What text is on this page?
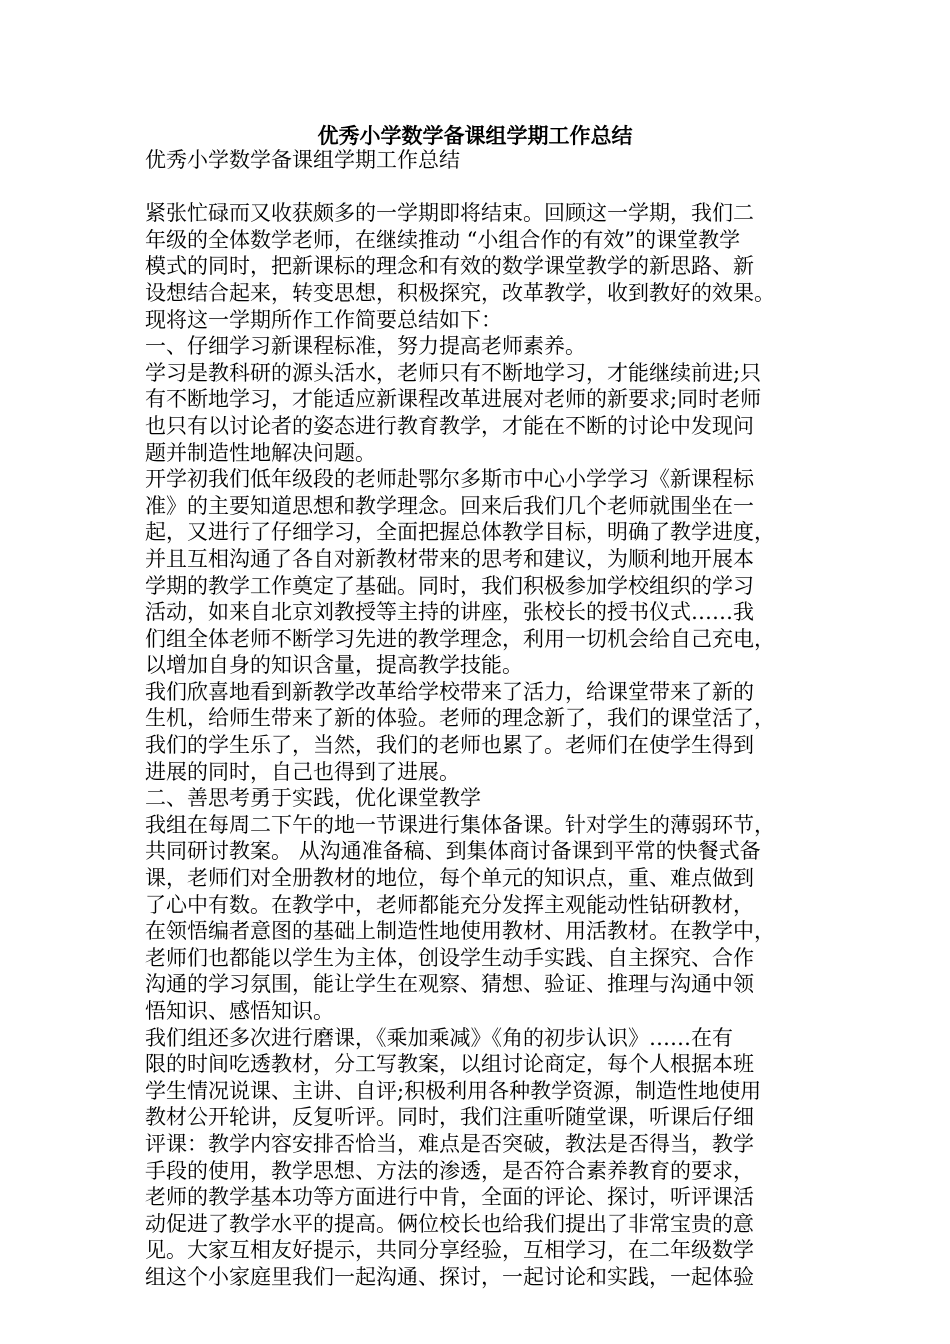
优秀小学数学备课组学期工作总结
优秀小学数学备课组学期工作总结
紧张忙碌而又收获颇多的一学期即将结束。回顾这一学期，我们二
年级的全体数学老师，在继续推动 “小组合作的有效”的课堂教学
模式的同时，把新课标的理念和有效的数学课堂教学的新思路、新
设想结合起来，转变思想，积极探究，改革教学，收到教好的效果。
现将这一学期所作工作简要总结如下：
一、仔细学习新课程标准，努力提高老师素养。
学习是教科研的源头活水，老师只有不断地学习，才能继续前进;只
有不断地学习，才能适应新课程改革进展对老师的新要求;同时老师
也只有以讨论者的姿态进行教育教学，才能在不断的讨论中发现问
题并制造性地解决问题。
开学初我们低年级段的老师赴鄂尔多斯市中心小学学习《新课程标
准》的主要知道思想和教学理念。回来后我们几个老师就围坐在一
起，又进行了仔细学习，全面把握总体教学目标，明确了教学进度，
并且互相沟通了各自对新教材带来的思考和建议，为顺利地开展本
学期的教学工作奠定了基础。同时，我们积极参加学校组织的学习
活动，如来自北京刘教授等主持的讲座，张校长的授书仪式……我
们组全体老师不断学习先进的教学理念，利用一切机会给自己充电，
以增加自身的知识含量，提高教学技能。
我们欣喜地看到新教学改革给学校带来了活力，给课堂带来了新的
生机，给师生带来了新的体验。老师的理念新了，我们的课堂活了，
我们的学生乐了，当然，我们的老师也累了。老师们在使学生得到
进展的同时，自己也得到了进展。
二、善思考勇于实践，优化课堂教学
我组在每周二下午的地一节课进行集体备课。针对学生的薄弱环节，
共同研讨教案。 从沟通准备稿、到集体商讨备课到平常的快餐式备
课，老师们对全册教材的地位，每个单元的知识点，重、难点做到
了心中有数。在教学中，老师都能充分发挥主观能动性钻研教材，
在领悟编者意图的基础上制造性地使用教材、用活教材。在教学中，
老师们也都能以学生为主体，创设学生动手实践、自主探究、合作
沟通的学习氛围，能让学生在观察、猜想、验证、推理与沟通中领
悟知识、感悟知识。
我们组还多次进行磨课，《乘加乘减》《角的初步认识》……在有
限的时间吃透教材，分工写教案，以组讨论商定，每个人根据本班
学生情况说课、主讲、自评;积极利用各种教学资源，制造性地使用
教材公开轮讲，反复听评。同时，我们注重听随堂课，听课后仔细
评课：教学内容安排否恰当，难点是否突破，教法是否得当，教学
手段的使用，教学思想、方法的渗透，是否符合素养教育的要求，
老师的教学基本功等方面进行中肯，全面的评论、探讨，听评课活
动促进了教学水平的提高。俩位校长也给我们提出了非常宝贵的意
见。大家互相友好提示，共同分享经验，互相学习，在二年级数学
组这个小家庭里我们一起沟通、探讨，一起讨论和实践，一起体验
